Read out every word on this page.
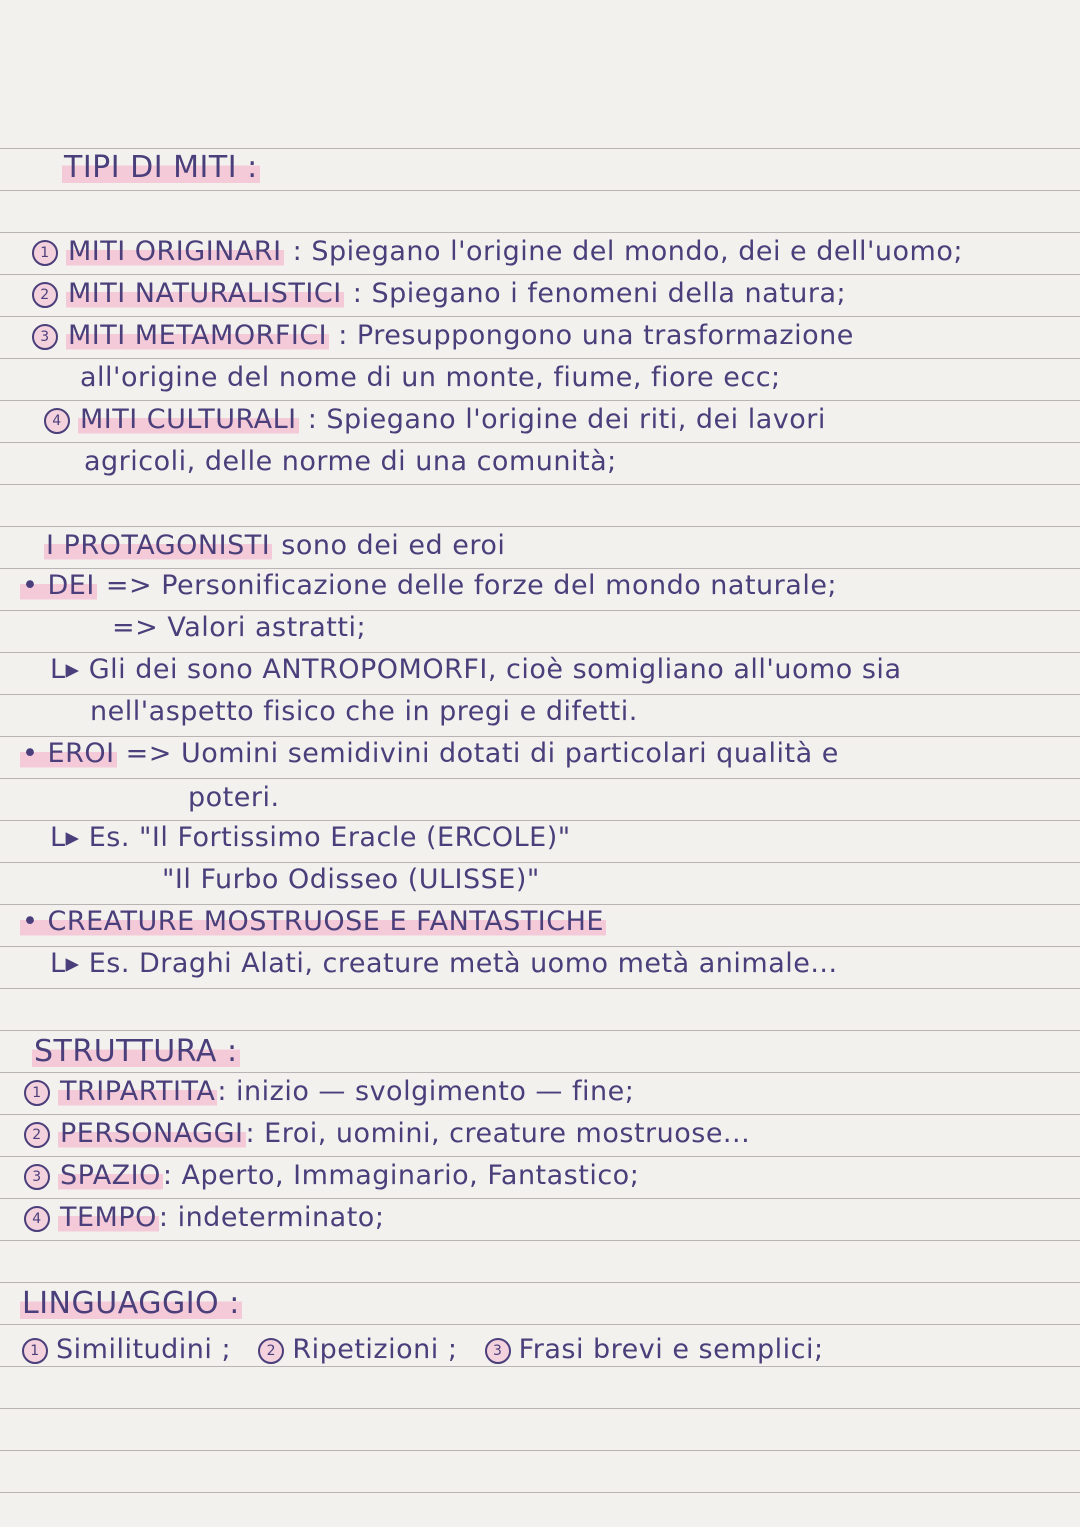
TIPI DI MITI :
1 MITI ORIGINARI : Spiegano l'origine del mondo, dei e dell'uomo;
2 MITI NATURALISTICI : Spiegano i fenomeni della natura;
3 MITI METAMORFICI : Presuppongono una trasformazione
all'origine del nome di un monte, fiume, fiore ecc;
4 MITI CULTURALI : Spiegano l'origine dei riti, dei lavori
agricoli, delle norme di una comunità;
I PROTAGONISTI sono dei ed eroi
• DEI => Personificazione delle forze del mondo naturale;
=> Valori astratti;
L▸ Gli dei sono ANTROPOMORFI, cioè somigliano all'uomo sia
nell'aspetto fisico che in pregi e difetti.
• EROI => Uomini semidivini dotati di particolari qualità e
poteri.
L▸ Es. "Il Fortissimo Eracle (ERCOLE)"
"Il Furbo Odisseo (ULISSE)"
• CREATURE MOSTRUOSE E FANTASTICHE
L▸ Es. Draghi Alati, creature metà uomo metà animale...
STRUTTURA :
1 TRIPARTITA: inizio — svolgimento — fine;
2 PERSONAGGI: Eroi, uomini, creature mostruose...
3 SPAZIO: Aperto, Immaginario, Fantastico;
4 TEMPO: indeterminato;
LINGUAGGIO :
1 Similitudini ;	2 Ripetizioni ;	3 Frasi brevi e semplici;
